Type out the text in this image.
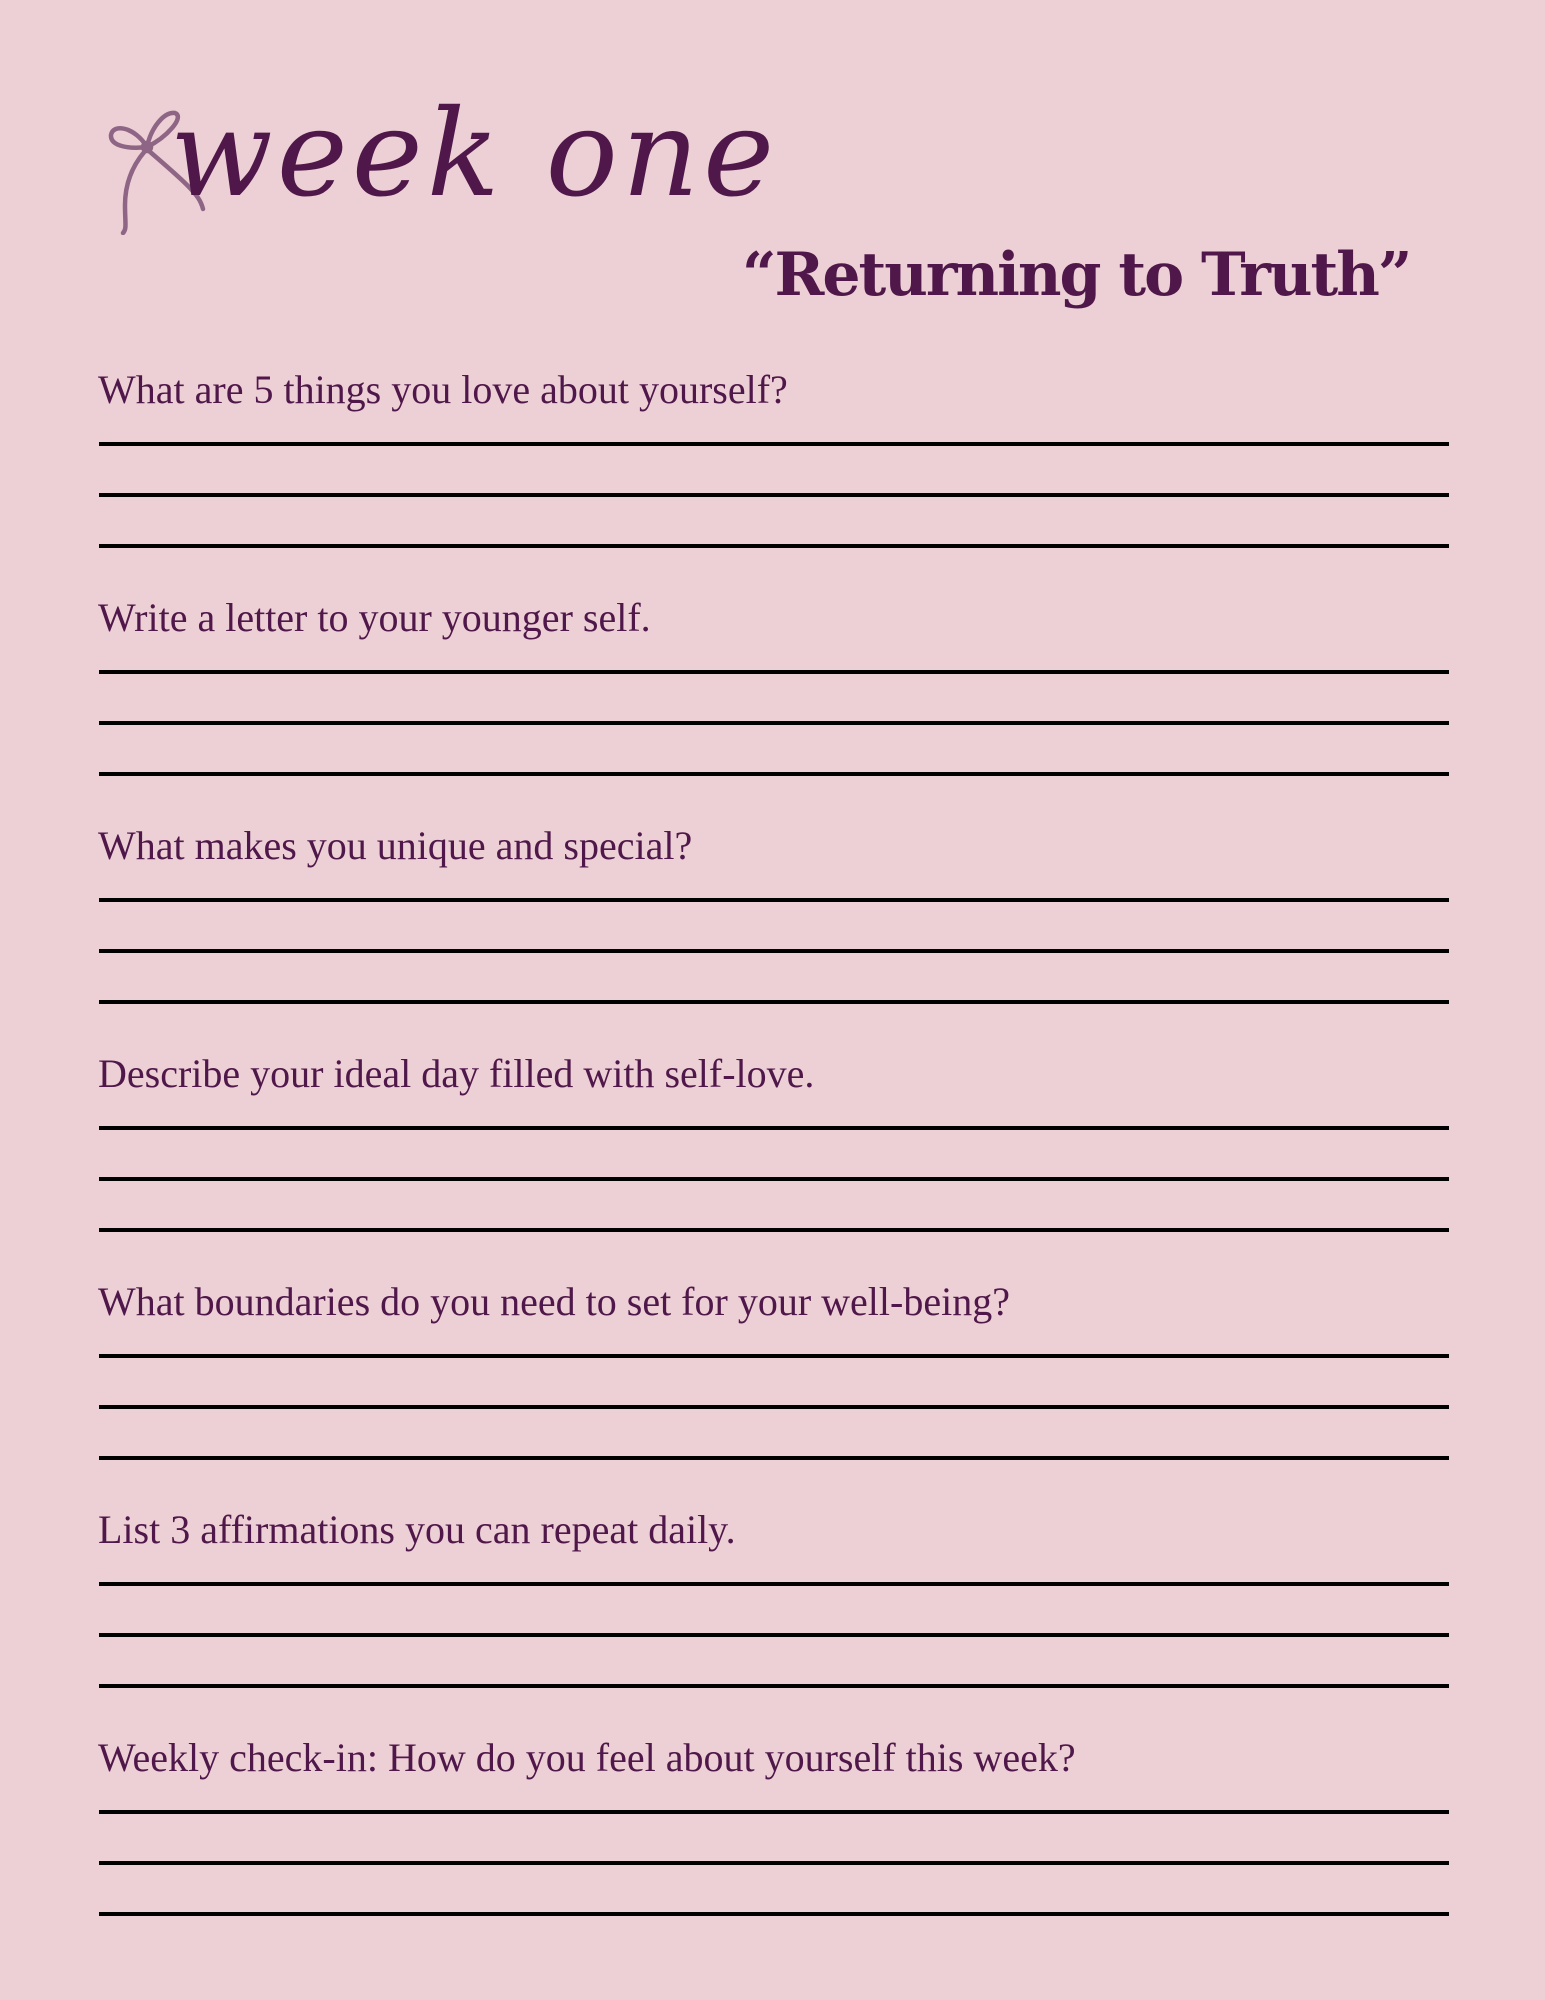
week one
“Returning to Truth”
What are 5 things you love about yourself?
Write a letter to your younger self.
What makes you unique and special?
Describe your ideal day filled with self-love.
What boundaries do you need to set for your well-being?
List 3 affirmations you can repeat daily.
Weekly check-in: How do you feel about yourself this week?
